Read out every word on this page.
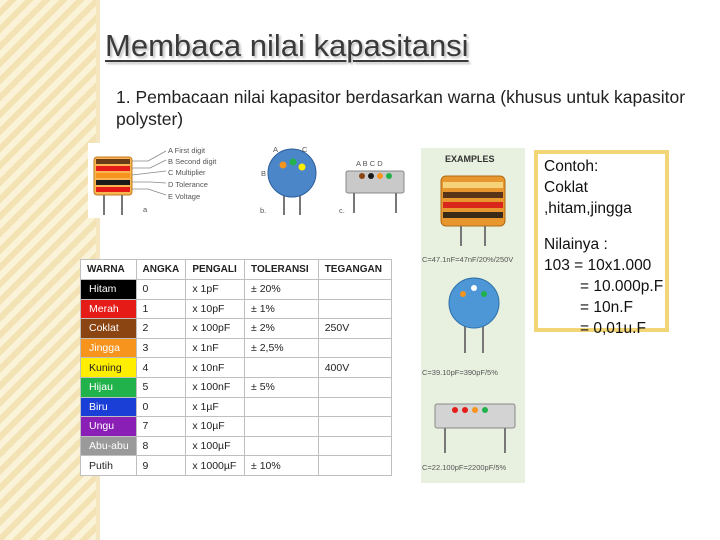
Membaca nilai kapasitansi
1. Pembacaan nilai kapasitor berdasarkan warna (khusus untuk kapasitor polyster)
A First digit
B Second digit
C Multiplier
D Tolerance
E Voltage
a
A
B
C
b.
A B C D
c.
WARNA	ANGKA	PENGALI	TOLERANSI	TEGANGAN
Hitam	0	x 1pF	± 20%	
Merah	1	x 10pF	± 1%	
Coklat	2	x 100pF	± 2%	250V
Jingga	3	x 1nF	± 2,5%	
Kuning	4	x 10nF		400V
Hijau	5	x 100nF	± 5%	
Biru	0	x 1µF		
Ungu	7	x 10µF		
Abu-abu	8	x 100µF		
Putih	9	x 1000µF	± 10%	
EXAMPLES
C=47.1nF=47nF/20%/250V
C=39.10pF=390pF/5%
C=22.100pF=2200pF/5%
Contoh:
Coklat
,hitam,jingga
Nilainya :
103 = 10x1.000
= 10.000p.F
= 10n.F
= 0,01u.F
